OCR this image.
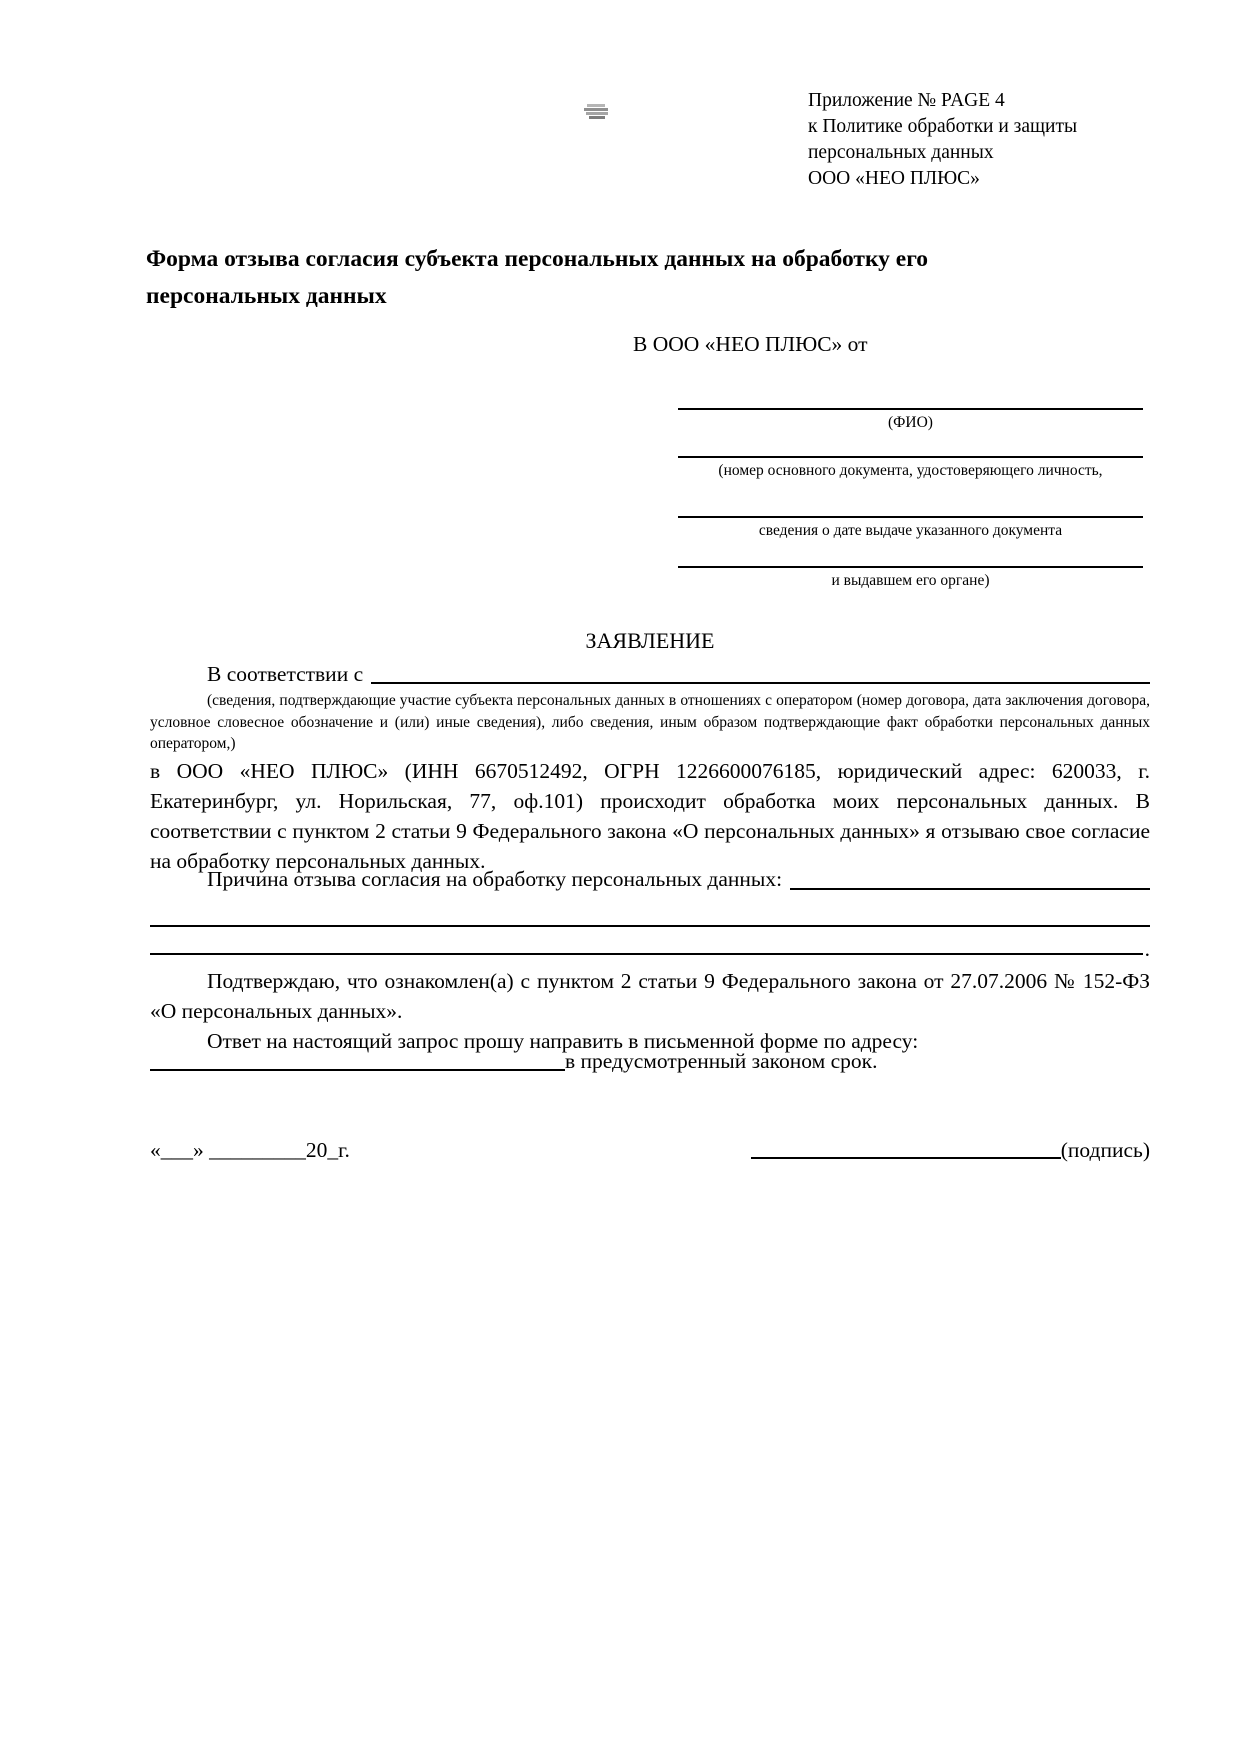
Приложение № PAGE 4
к Политике обработки и защиты
персональных данных
ООО «НЕО ПЛЮС»
Форма отзыва согласия субъекта персональных данных на обработку его персональных данных
В ООО «НЕО ПЛЮС» от
(ФИО)
(номер основного документа, удостоверяющего личность,
сведения о дате выдаче указанного документа
и выдавшем его органе)
ЗАЯВЛЕНИЕ
В соответствии с
(сведения, подтверждающие участие субъекта персональных данных в отношениях с оператором (номер договора, дата заключения договора, условное словесное обозначение и (или) иные сведения), либо сведения, иным образом подтверждающие факт обработки персональных данных оператором,)
в ООО «НЕО ПЛЮС» (ИНН 6670512492, ОГРН 1226600076185, юридический адрес: 620033, г. Екатеринбург, ул. Норильская, 77, оф.101) происходит обработка моих персональных данных. В соответствии с пунктом 2 статьи 9 Федерального закона «О персональных данных» я отзываю свое согласие на обработку персональных данных.
Причина отзыва согласия на обработку персональных данных:
.
Подтверждаю, что ознакомлен(а) с пунктом 2 статьи 9 Федерального закона от 27.07.2006 № 152-ФЗ «О персональных данных».
Ответ на настоящий запрос прошу направить в письменной форме по адресу:
в предусмотренный законом срок.
«___» _________20_г.	(подпись)
